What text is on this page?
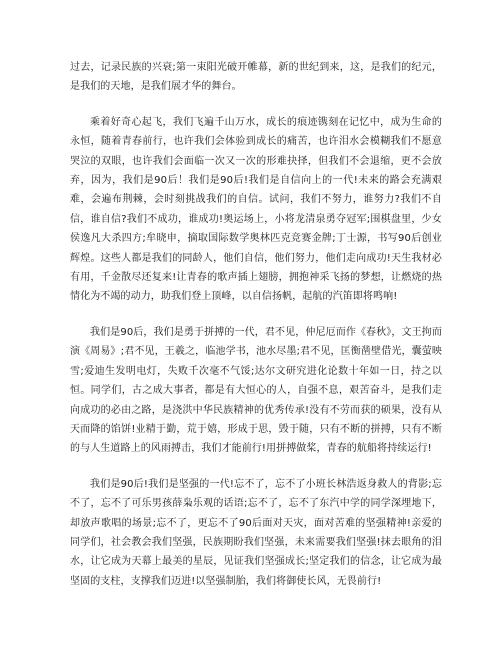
过去，记录民族的兴衰;第一束阳光破开帷幕，新的世纪到来，这，是我们的纪元，是我们的天地，是我们展才华的舞台。

乘着好奇心起飞，我们飞遍千山万水，成长的痕迹镌刻在记忆中，成为生命的永恒，随着青春前行，也许我们会体验到成长的痛苦，也许泪水会模糊我们不愿意哭泣的双眼，也许我们会面临一次又一次的形难抉择，但我们不会退缩，更不会放弃，因为，我们是90后！我们是90后!我们是自信向上的一代!未来的路会充满艰难，会遍布荆棘，会时刻挑战我们的自信。试问，我们不努力，谁努力?我们不自信，谁自信?我们不成功，谁成功!奥运场上，小将龙清泉勇夺冠军;围棋盘里，少女侯逸凡大杀四方;牟晓申，摘取国际数学奥林匹克竞赛金牌;丁士源，书写90后创业辉煌。这些人都是我们的同龄人，他们自信，他们努力，他们走向成功!天生我材必有用，千金散尽还复来!让青春的歌声插上翅膀，拥抱神采飞扬的梦想，让燃烧的热情化为不竭的动力，助我们登上顶峰，以自信扬帆，起航的汽笛即将鸣响!

我们是90后，我们是勇于拼搏的一代，君不见，仲尼厄而作《春秋》，文王拘而演《周易》;君不见，王羲之，临池学书，池水尽墨;君不见，匡衡凿壁借光，囊萤映雪;爱迪生发明电灯，失败千次毫不气馁;达尔文研究进化论数十年如一日，持之以恒。同学们，古之成大事者，都是有大恒心的人，自强不息，艰苦奋斗，是我们走向成功的必由之路，是浇洪中华民族精神的优秀传承!没有不劳而获的硕果，没有从天而降的馅饼!业精于勤，荒于嬉，形成于思，毁于随，只有不断的拼搏，只有不断的与人生道路上的风雨搏击，我们才能前行!用拼搏做桨，青春的航船将持续运行!

我们是90后!我们是坚强的一代!忘不了，忘不了小班长林浩返身救人的背影;忘不了，忘不了可乐男孩薛枭乐观的话语;忘不了，忘不了东汽中学的同学深埋地下，却放声歌唱的场景;忘不了，更忘不了90后面对天灾，面对苦难的坚强精神!亲爱的同学们，社会教会我们坚强，民族期盼我们坚强，未来需要我们坚强!抹去眼角的泪水，让它成为天幕上最美的星辰，见证我们坚强成长;坚定我们的信念，让它成为最坚固的支柱，支撑我们迈进!以坚强制胎，我们将御使长风，无畏前行!
